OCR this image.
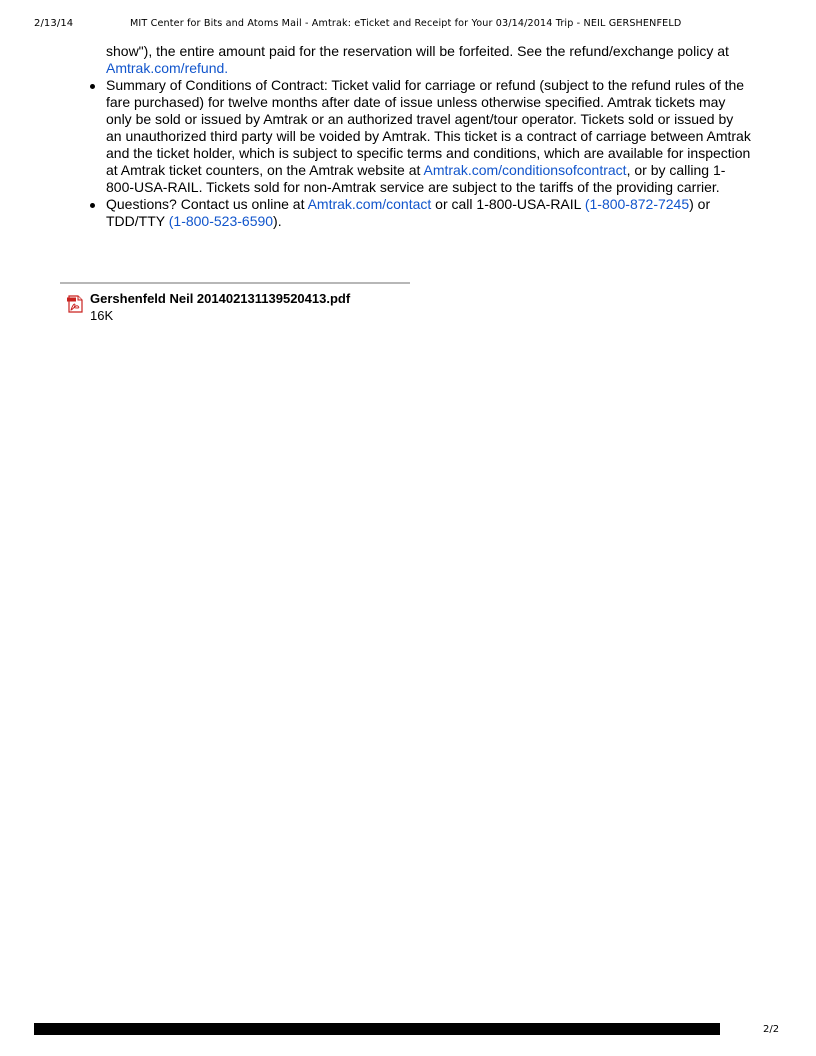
2/13/14	MIT Center for Bits and Atoms Mail - Amtrak: eTicket and Receipt for Your 03/14/2014 Trip - NEIL GERSHENFELD

show"), the entire amount paid for the reservation will be forfeited. See the refund/exchange policy at Amtrak.com/refund.

Summary of Conditions of Contract: Ticket valid for carriage or refund (subject to the refund rules of the fare purchased) for twelve months after date of issue unless otherwise specified. Amtrak tickets may only be sold or issued by Amtrak or an authorized travel agent/tour operator. Tickets sold or issued by an unauthorized third party will be voided by Amtrak. This ticket is a contract of carriage between Amtrak and the ticket holder, which is subject to specific terms and conditions, which are available for inspection at Amtrak ticket counters, on the Amtrak website at Amtrak.com/conditionsofcontract, or by calling 1-800-USA-RAIL. Tickets sold for non-Amtrak service are subject to the tariffs of the providing carrier.
Questions? Contact us online at Amtrak.com/contact or call 1-800-USA-RAIL (1-800-872-7245) or TDD/TTY (1-800-523-6590).
Gershenfeld Neil 20140213113952041​3.pdf
16K
2/2
